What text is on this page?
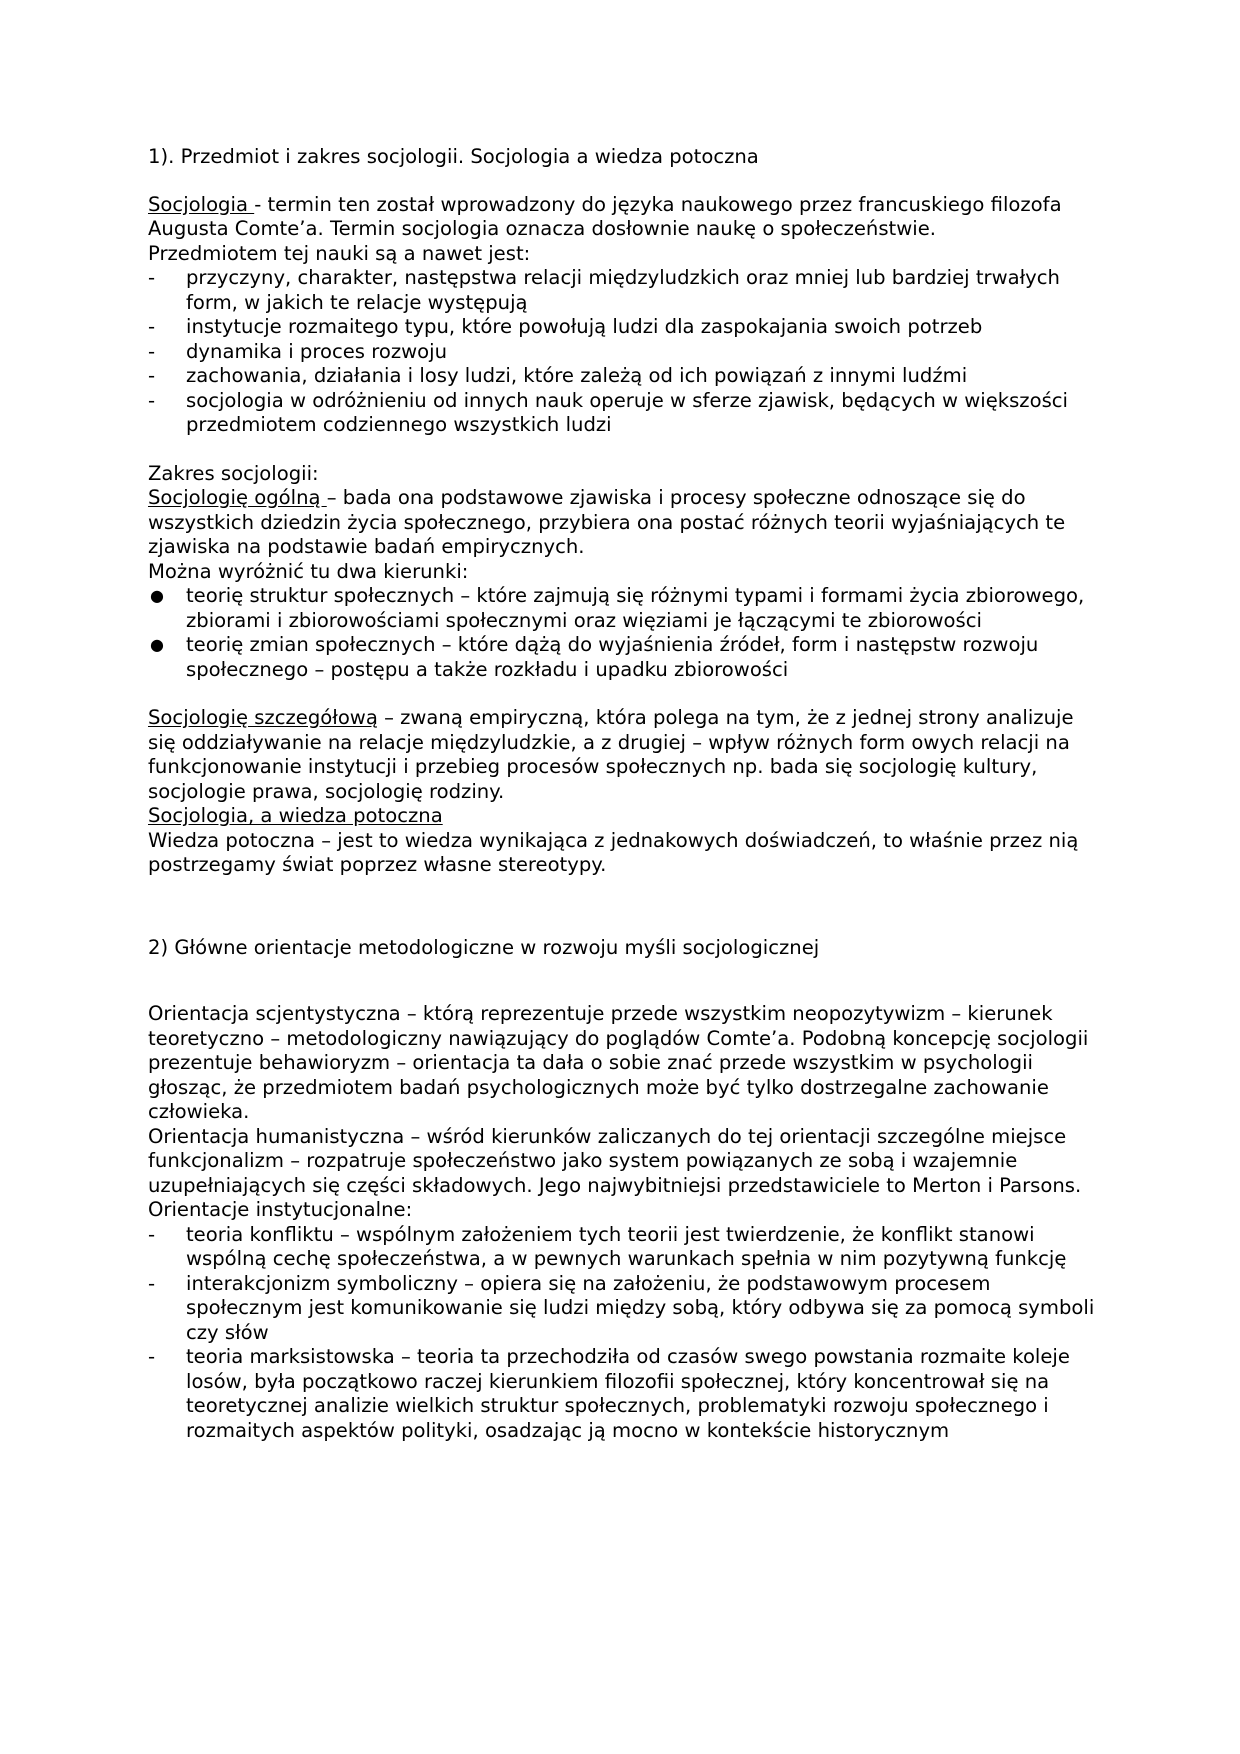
1). Przedmiot i zakres socjologii. Socjologia a wiedza potoczna

Socjologia - termin ten został wprowadzony do języka naukowego przez francuskiego filozofa Augusta Comte’a. Termin socjologia oznacza dosłownie naukę o społeczeństwie.

Przedmiotem tej nauki są a nawet jest:

-	przyczyny, charakter, następstwa relacji międzyludzkich oraz mniej lub bardziej trwałych form, w jakich te relacje występują
-	instytucje rozmaitego typu, które powołują ludzi dla zaspokajania swoich potrzeb
-	dynamika i proces rozwoju
-	zachowania, działania i losy ludzi, które zależą od ich powiązań z innymi ludźmi
-	socjologia w odróżnieniu od innych nauk operuje w sferze zjawisk, będących w większości przedmiotem codziennego wszystkich ludzi

Zakres socjologii:

Socjologię ogólną – bada ona podstawowe zjawiska i procesy społeczne odnoszące się do wszystkich dziedzin życia społecznego, przybiera ona postać różnych teorii wyjaśniających te zjawiska na podstawie badań empirycznych.

Można wyróżnić tu dwa kierunki:

●	teorię struktur społecznych – które zajmują się różnymi typami i formami życia zbiorowego, zbiorami i zbiorowościami społecznymi oraz więziami je łączącymi te zbiorowości
●	teorię zmian społecznych – które dążą do wyjaśnienia źródeł, form i następstw rozwoju społecznego – postępu a także rozkładu i upadku zbiorowości

Socjologię szczegółową – zwaną empiryczną, która polega na tym, że z jednej strony analizuje się oddziaływanie na relacje międzyludzkie, a z drugiej – wpływ różnych form owych relacji na funkcjonowanie instytucji i przebieg procesów społecznych np. bada się socjologię kultury, socjologie prawa, socjologię rodziny.

Socjologia, a wiedza potoczna

Wiedza potoczna – jest to wiedza wynikająca z jednakowych doświadczeń, to właśnie przez nią postrzegamy świat poprzez własne stereotypy.

2) Główne orientacje metodologiczne w rozwoju myśli socjologicznej

Orientacja scjentystyczna – którą reprezentuje przede wszystkim neopozytywizm – kierunek teoretyczno – metodologiczny nawiązujący do poglądów Comte’a. Podobną koncepcję socjologii prezentuje behawioryzm – orientacja ta dała o sobie znać przede wszystkim w psychologii głosząc, że przedmiotem badań psychologicznych może być tylko dostrzegalne zachowanie człowieka.

Orientacja humanistyczna – wśród kierunków zaliczanych do tej orientacji szczególne miejsce funkcjonalizm – rozpatruje społeczeństwo jako system powiązanych ze sobą i wzajemnie uzupełniających się części składowych. Jego najwybitniejsi przedstawiciele to Merton i Parsons.

Orientacje instytucjonalne:

-	teoria konfliktu – wspólnym założeniem tych teorii jest twierdzenie, że konflikt stanowi wspólną cechę społeczeństwa, a w pewnych warunkach spełnia w nim pozytywną funkcję
-	interakcjonizm symboliczny – opiera się na założeniu, że podstawowym procesem społecznym jest komunikowanie się ludzi między sobą, który odbywa się za pomocą symboli czy słów
-	teoria marksistowska – teoria ta przechodziła od czasów swego powstania rozmaite koleje losów, była początkowo raczej kierunkiem filozofii społecznej, który koncentrował się na teoretycznej analizie wielkich struktur społecznych, problematyki rozwoju społecznego i rozmaitych aspektów polityki, osadzając ją mocno w kontekście historycznym
